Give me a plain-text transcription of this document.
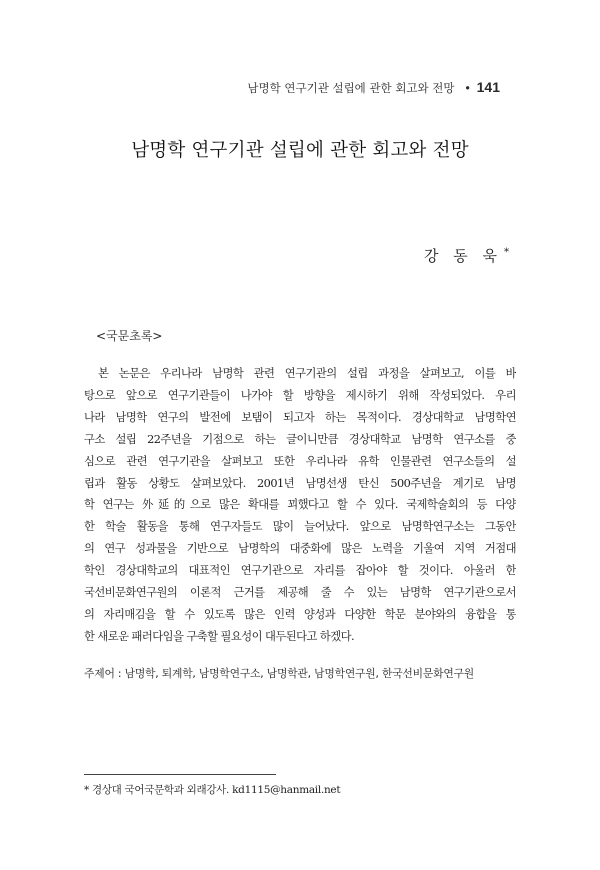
남명학 연구기관 설립에 관한 회고와 전망 • 141
남명학 연구기관 설립에 관한 회고와 전망
강 동 욱 *
<국문초록>
본 논문은 우리나라 남명학 관련 연구기관의 설립 과정을 살펴보고, 이를 바
탕으로 앞으로 연구기관들이 나가야 할 방향을 제시하기 위해 작성되었다. 우리
나라 남명학 연구의 발전에 보탬이 되고자 하는 목적이다. 경상대학교 남명학연
구소 설립 22주년을 기점으로 하는 글이니만큼 경상대학교 남명학 연구소를 중
심으로 관련 연구기관을 살펴보고 또한 우리나라 유학 인물관련 연구소들의 설
립과 활동 상황도 살펴보았다. 2001년 남명선생 탄신 500주년을 계기로 남명
학 연구는 外延的으로 많은 확대를 꾀했다고 할 수 있다. 국제학술회의 등 다양
한 학술 활동을 통해 연구자들도 많이 늘어났다. 앞으로 남명학연구소는 그동안
의 연구 성과물을 기반으로 남명학의 대중화에 많은 노력을 기울여 지역 거점대
학인 경상대학교의 대표적인 연구기관으로 자리를 잡아야 할 것이다. 아울러 한
국선비문화연구원의 이론적 근거를 제공해 줄 수 있는 남명학 연구기관으로서
의 자리매김을 할 수 있도록 많은 인력 양성과 다양한 학문 분야와의 융합을 통
한 새로운 패러다임을 구축할 필요성이 대두된다고 하겠다.
주제어 : 남명학, 퇴계학, 남명학연구소, 남명학관, 남명학연구원, 한국선비문화연구원
* 경상대 국어국문학과 외래강사. kd1115@hanmail.net
